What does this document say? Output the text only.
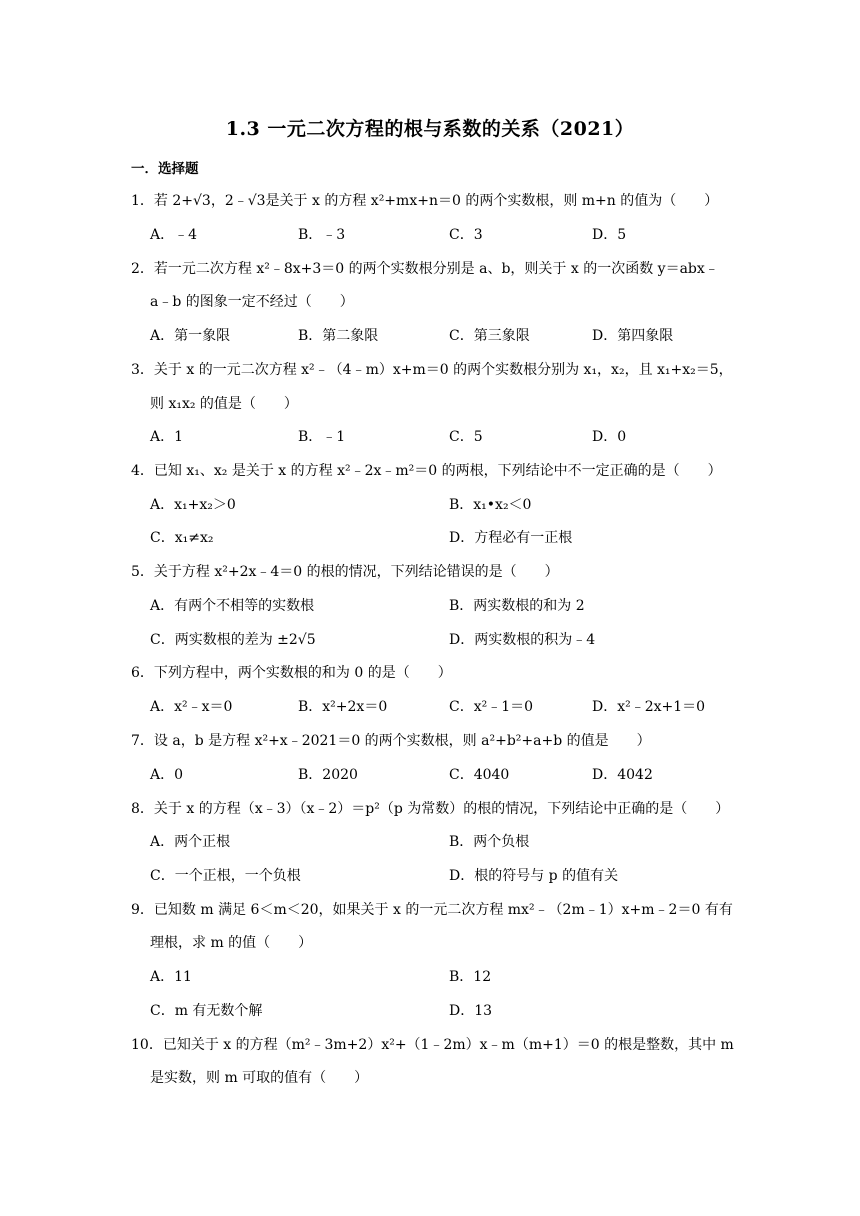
1.3 一元二次方程的根与系数的关系（2021）
一．选择题
1．若 2+√3，2﹣√3是关于 x 的方程 x²+mx+n＝0 的两个实数根，则 m+n 的值为（　　）
A．﹣4	B．﹣3	C．3	D．5
2．若一元二次方程 x²﹣8x+3＝0 的两个实数根分别是 a、b，则关于 x 的一次函数 y＝abx﹣
a﹣b 的图象一定不经过（　　）
A．第一象限	B．第二象限	C．第三象限	D．第四象限
3．关于 x 的一元二次方程 x²﹣（4﹣m）x+m＝0 的两个实数根分别为 x₁，x₂，且 x₁+x₂＝5，
则 x₁x₂ 的值是（　　）
A．1	B．﹣1	C．5	D．0
4．已知 x₁、x₂ 是关于 x 的方程 x²﹣2x﹣m²＝0 的两根，下列结论中不一定正确的是（　　）
A．x₁+x₂＞0	B．x₁•x₂＜0
C．x₁≠x₂	D．方程必有一正根
5．关于方程 x²+2x﹣4＝0 的根的情况，下列结论错误的是（　　）
A．有两个不相等的实数根	B．两实数根的和为 2
C．两实数根的差为 ±2√5	D．两实数根的积为﹣4
6．下列方程中，两个实数根的和为 0 的是（　　）
A．x²﹣x＝0	B．x²+2x＝0	C．x²﹣1＝0	D．x²﹣2x+1＝0
7．设 a，b 是方程 x²+x﹣2021＝0 的两个实数根，则 a²+b²+a+b 的值是　　）
A．0	B．2020	C．4040	D．4042
8．关于 x 的方程（x﹣3）（x﹣2）＝p²（p 为常数）的根的情况，下列结论中正确的是（　　）
A．两个正根	B．两个负根
C．一个正根，一个负根	D．根的符号与 p 的值有关
9．已知数 m 满足 6＜m＜20，如果关于 x 的一元二次方程 mx²﹣（2m﹣1）x+m﹣2＝0 有有
理根，求 m 的值（　　）
A．11	B．12
C．m 有无数个解	D．13
10．已知关于 x 的方程（m²﹣3m+2）x²+（1﹣2m）x﹣m（m+1）＝0 的根是整数，其中 m
是实数，则 m 可取的值有（　　）
